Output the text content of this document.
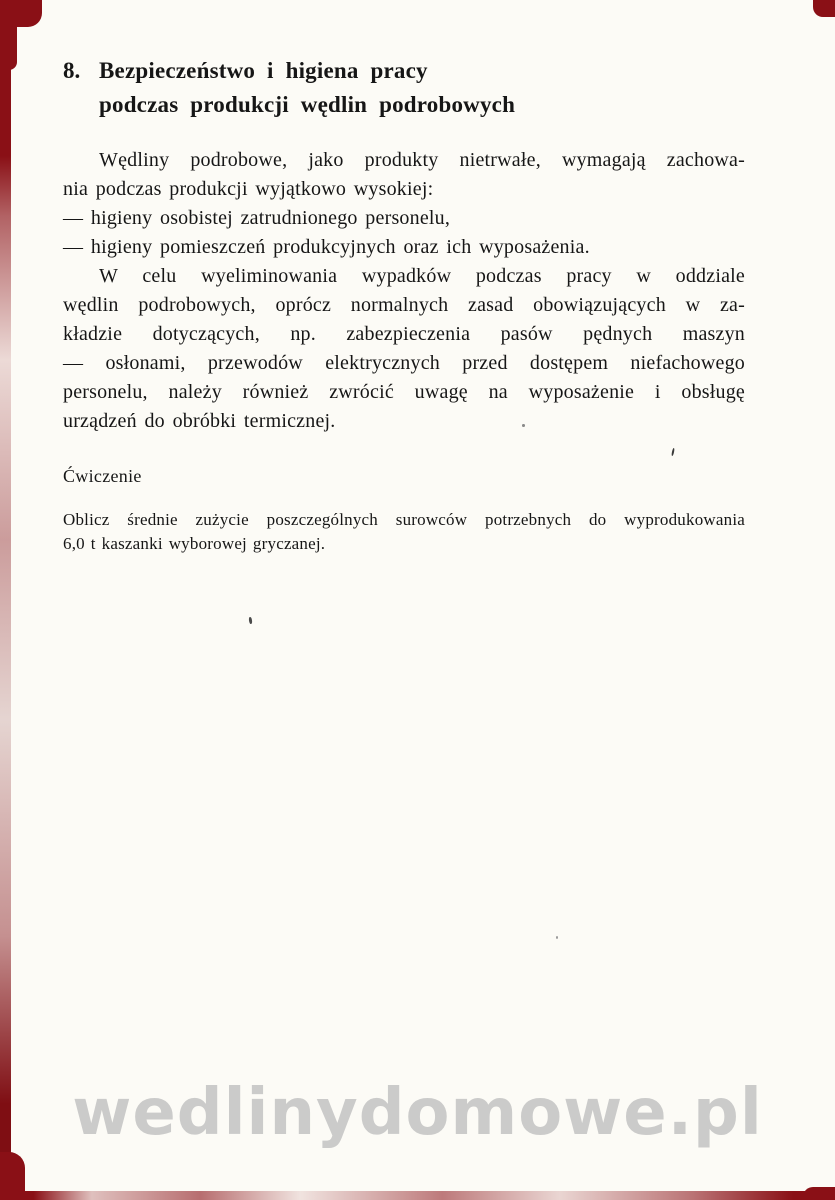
8. Bezpieczeństwo i higiena pracy
podczas produkcji wędlin podrobowych
Wędliny podrobowe, jako produkty nietrwałe, wymagają zachowa-
nia podczas produkcji wyjątkowo wysokiej:
— higieny osobistej zatrudnionego personelu,
— higieny pomieszczeń produkcyjnych oraz ich wyposażenia.
W celu wyeliminowania wypadków podczas pracy w oddziale
wędlin podrobowych, oprócz normalnych zasad obowiązujących w za-
kładzie dotyczących, np. zabezpieczenia pasów pędnych maszyn
— osłonami, przewodów elektrycznych przed dostępem niefachowego
personelu, należy również zwrócić uwagę na wyposażenie i obsługę
urządzeń do obróbki termicznej.
Ćwiczenie
Oblicz średnie zużycie poszczególnych surowców potrzebnych do wyprodukowania
6,0 t kaszanki wyborowej gryczanej.
wedlinydomowe.pl
